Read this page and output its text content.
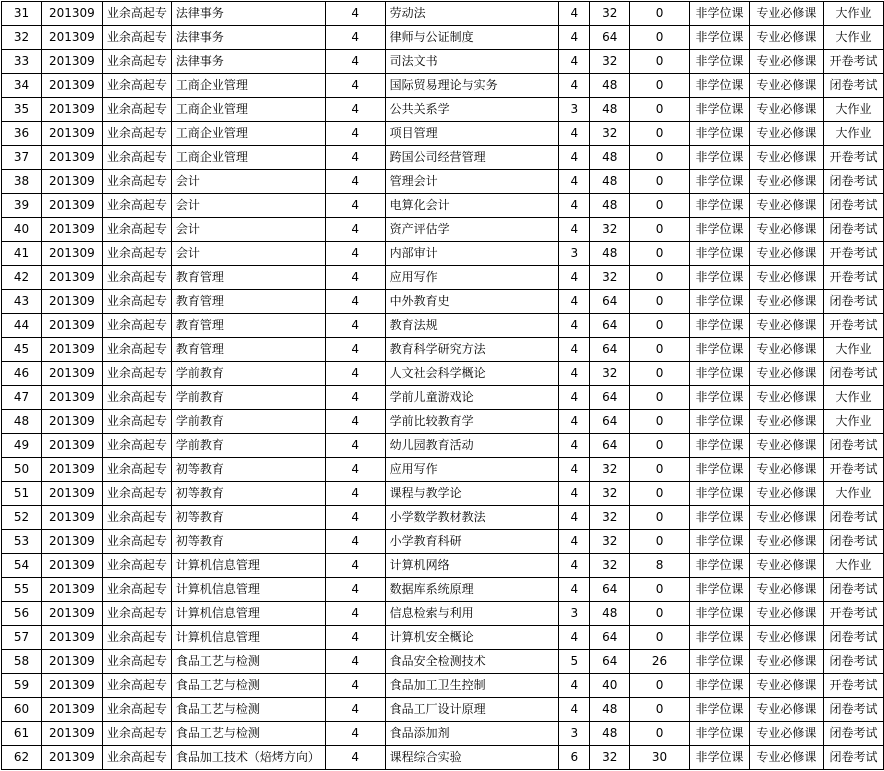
31	201309	业余高起专	法律事务	4	劳动法	4	32	0	非学位课	专业必修课	大作业
32	201309	业余高起专	法律事务	4	律师与公证制度	4	64	0	非学位课	专业必修课	大作业
33	201309	业余高起专	法律事务	4	司法文书	4	32	0	非学位课	专业必修课	开卷考试
34	201309	业余高起专	工商企业管理	4	国际贸易理论与实务	4	48	0	非学位课	专业必修课	闭卷考试
35	201309	业余高起专	工商企业管理	4	公共关系学	3	48	0	非学位课	专业必修课	大作业
36	201309	业余高起专	工商企业管理	4	项目管理	4	32	0	非学位课	专业必修课	大作业
37	201309	业余高起专	工商企业管理	4	跨国公司经营管理	4	48	0	非学位课	专业必修课	开卷考试
38	201309	业余高起专	会计	4	管理会计	4	48	0	非学位课	专业必修课	闭卷考试
39	201309	业余高起专	会计	4	电算化会计	4	48	0	非学位课	专业必修课	闭卷考试
40	201309	业余高起专	会计	4	资产评估学	4	32	0	非学位课	专业必修课	闭卷考试
41	201309	业余高起专	会计	4	内部审计	3	48	0	非学位课	专业必修课	开卷考试
42	201309	业余高起专	教育管理	4	应用写作	4	32	0	非学位课	专业必修课	开卷考试
43	201309	业余高起专	教育管理	4	中外教育史	4	64	0	非学位课	专业必修课	闭卷考试
44	201309	业余高起专	教育管理	4	教育法规	4	64	0	非学位课	专业必修课	开卷考试
45	201309	业余高起专	教育管理	4	教育科学研究方法	4	64	0	非学位课	专业必修课	大作业
46	201309	业余高起专	学前教育	4	人文社会科学概论	4	32	0	非学位课	专业必修课	闭卷考试
47	201309	业余高起专	学前教育	4	学前儿童游戏论	4	64	0	非学位课	专业必修课	大作业
48	201309	业余高起专	学前教育	4	学前比较教育学	4	64	0	非学位课	专业必修课	大作业
49	201309	业余高起专	学前教育	4	幼儿园教育活动	4	64	0	非学位课	专业必修课	闭卷考试
50	201309	业余高起专	初等教育	4	应用写作	4	32	0	非学位课	专业必修课	开卷考试
51	201309	业余高起专	初等教育	4	课程与教学论	4	32	0	非学位课	专业必修课	大作业
52	201309	业余高起专	初等教育	4	小学数学教材教法	4	32	0	非学位课	专业必修课	闭卷考试
53	201309	业余高起专	初等教育	4	小学教育科研	4	32	0	非学位课	专业必修课	闭卷考试
54	201309	业余高起专	计算机信息管理	4	计算机网络	4	32	8	非学位课	专业必修课	大作业
55	201309	业余高起专	计算机信息管理	4	数据库系统原理	4	64	0	非学位课	专业必修课	闭卷考试
56	201309	业余高起专	计算机信息管理	4	信息检索与利用	3	48	0	非学位课	专业必修课	开卷考试
57	201309	业余高起专	计算机信息管理	4	计算机安全概论	4	64	0	非学位课	专业必修课	闭卷考试
58	201309	业余高起专	食品工艺与检测	4	食品安全检测技术	5	64	26	非学位课	专业必修课	闭卷考试
59	201309	业余高起专	食品工艺与检测	4	食品加工卫生控制	4	40	0	非学位课	专业必修课	开卷考试
60	201309	业余高起专	食品工艺与检测	4	食品工厂设计原理	4	48	0	非学位课	专业必修课	闭卷考试
61	201309	业余高起专	食品工艺与检测	4	食品添加剂	3	48	0	非学位课	专业必修课	闭卷考试
62	201309	业余高起专	食品加工技术（焙烤方向）	4	课程综合实验	6	32	30	非学位课	专业必修课	闭卷考试
